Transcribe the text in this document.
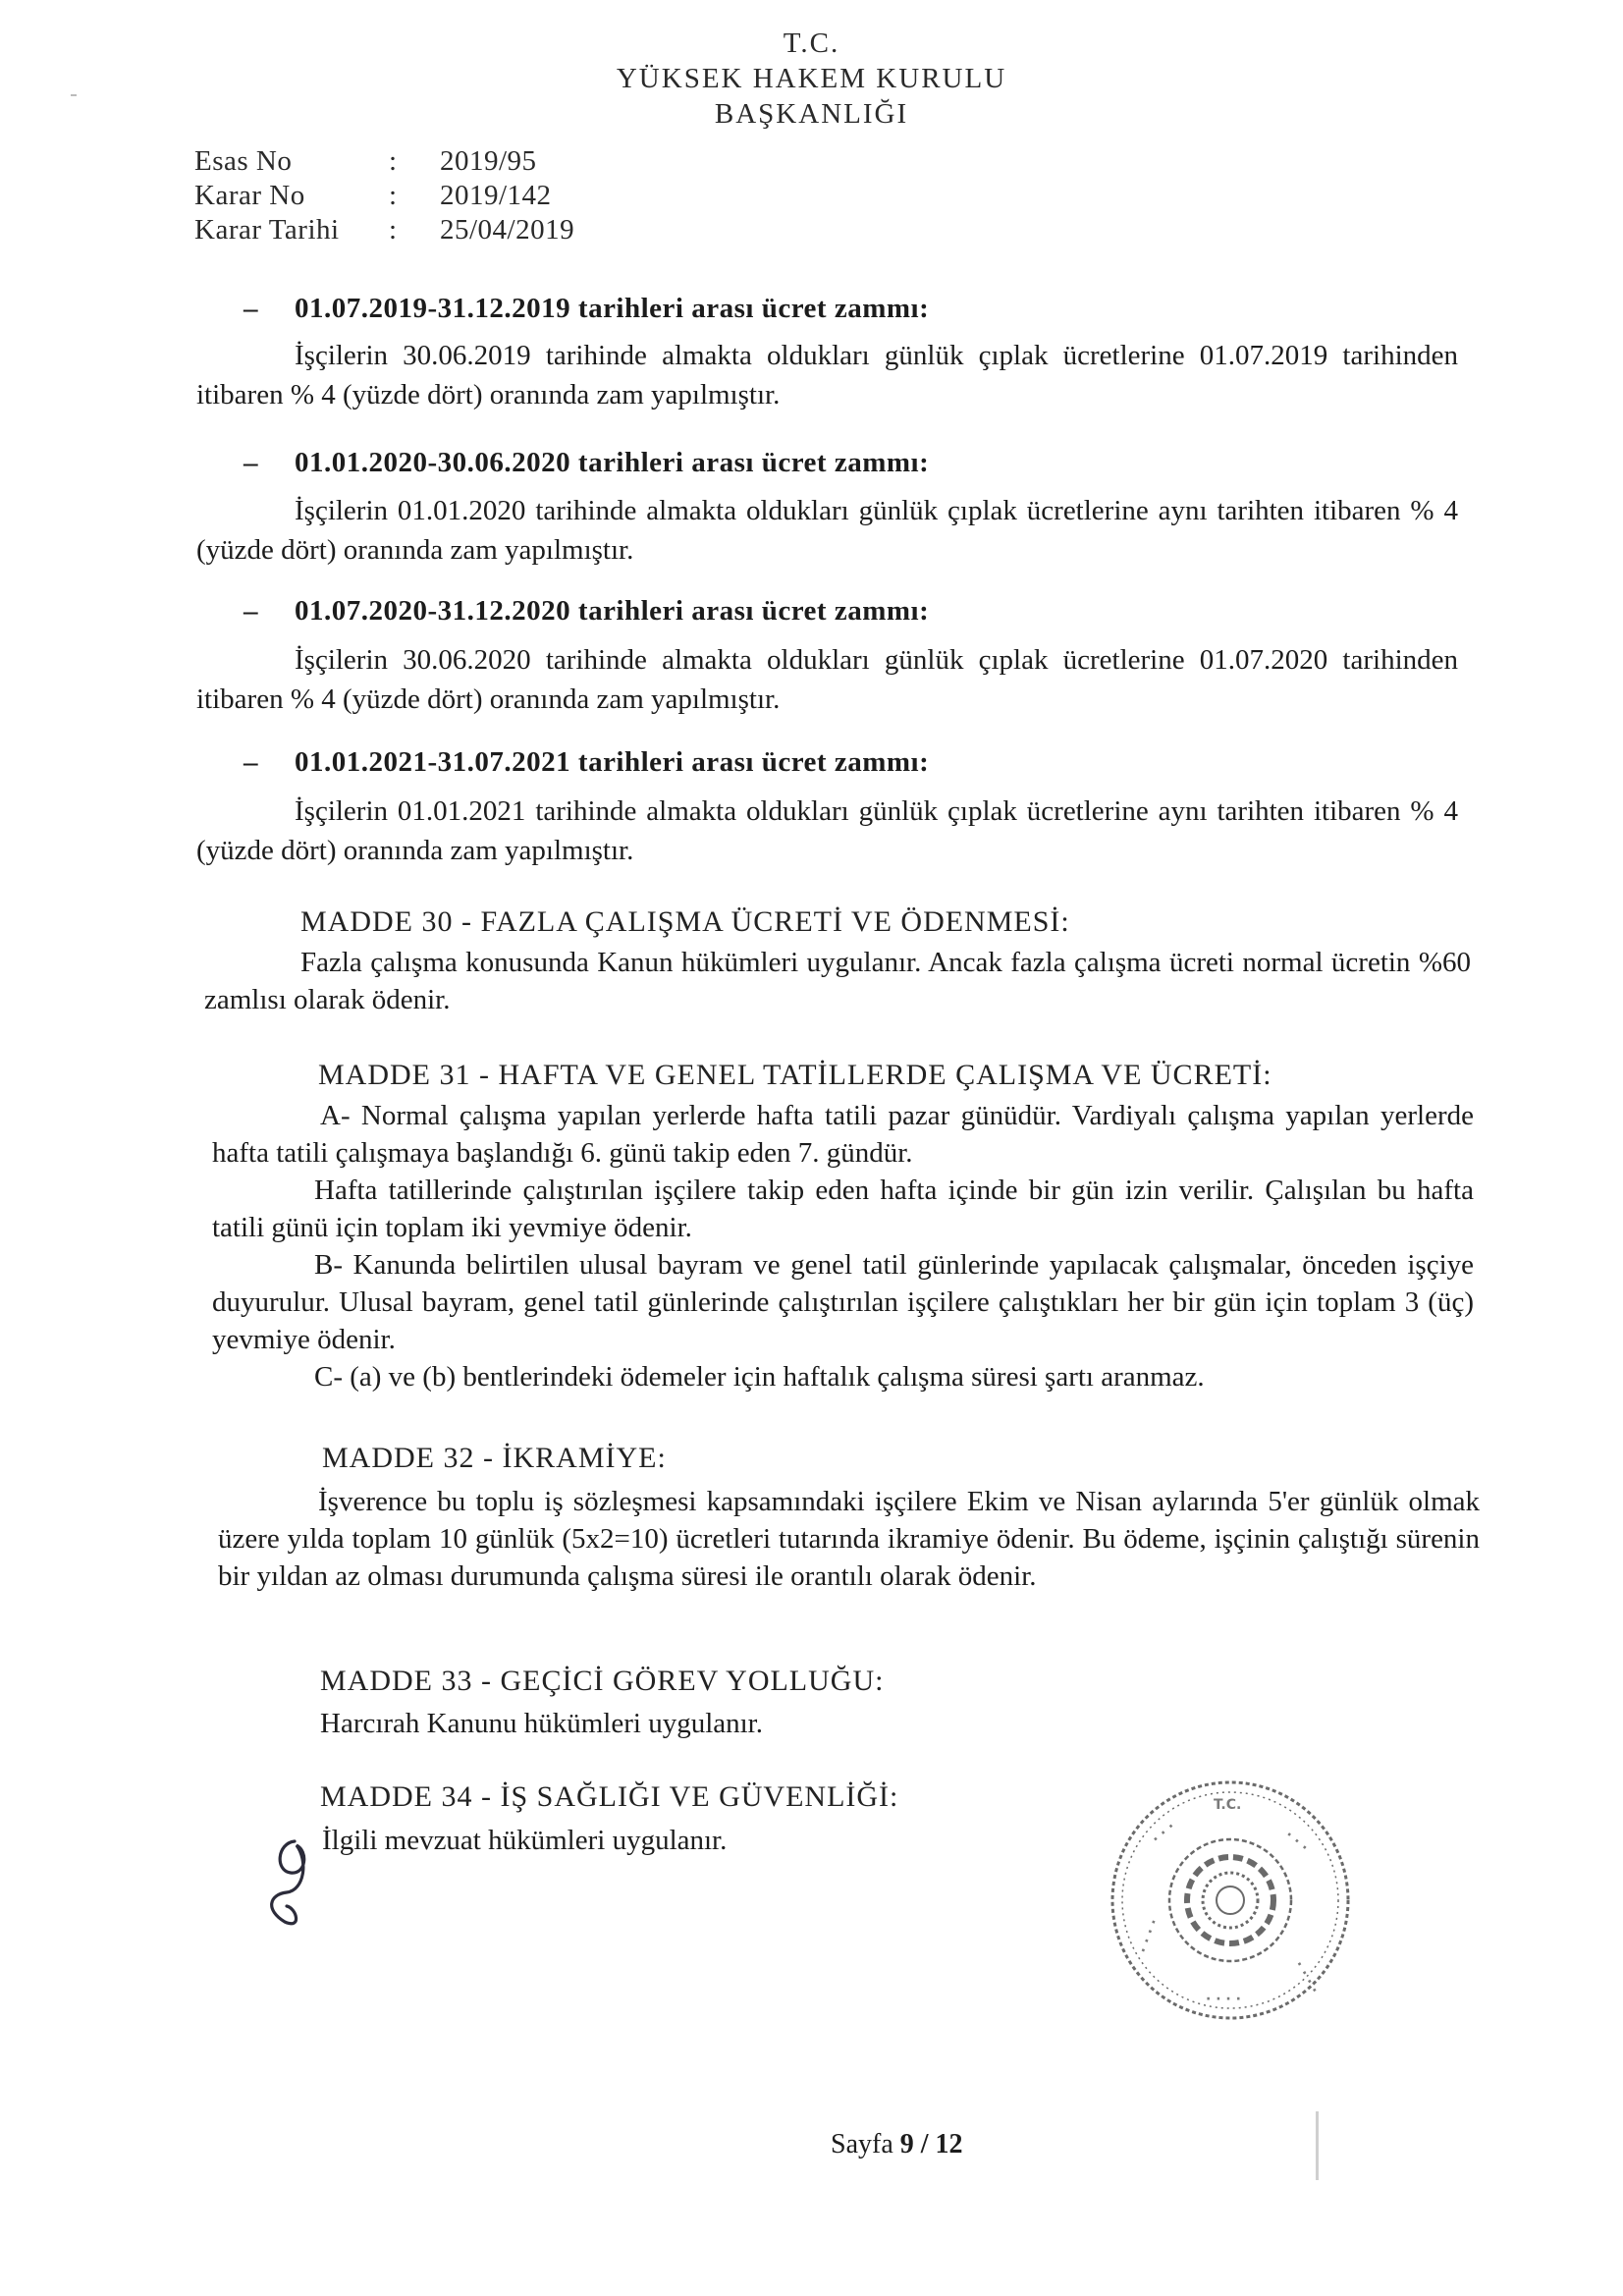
T.C.
YÜKSEK HAKEM KURULU
BAŞKANLIĞI
Esas No	: 2019/95
Karar No	: 2019/142
Karar Tarihi : 25/04/2019
– 01.07.2019-31.12.2019 tarihleri arası ücret zammı:
İşçilerin 30.06.2019 tarihinde almakta oldukları günlük çıplak ücretlerine 01.07.2019 tarihinden itibaren % 4 (yüzde dört) oranında zam yapılmıştır.
– 01.01.2020-30.06.2020 tarihleri arası ücret zammı:
İşçilerin 01.01.2020 tarihinde almakta oldukları günlük çıplak ücretlerine aynı tarihten itibaren % 4 (yüzde dört) oranında zam yapılmıştır.
– 01.07.2020-31.12.2020 tarihleri arası ücret zammı:
İşçilerin 30.06.2020 tarihinde almakta oldukları günlük çıplak ücretlerine 01.07.2020 tarihinden itibaren % 4 (yüzde dört) oranında zam yapılmıştır.
– 01.01.2021-31.07.2021 tarihleri arası ücret zammı:
İşçilerin 01.01.2021 tarihinde almakta oldukları günlük çıplak ücretlerine aynı tarihten itibaren % 4 (yüzde dört) oranında zam yapılmıştır.
MADDE 30 - FAZLA ÇALIŞMA ÜCRETİ VE ÖDENMESİ:
Fazla çalışma konusunda Kanun hükümleri uygulanır. Ancak fazla çalışma ücreti normal ücretin %60 zamlısı olarak ödenir.
MADDE 31 - HAFTA VE GENEL TATİLLERDE ÇALIŞMA VE ÜCRETİ:
A- Normal çalışma yapılan yerlerde hafta tatili pazar günüdür. Vardiyalı çalışma yapılan yerlerde hafta tatili çalışmaya başlandığı 6. günü takip eden 7. gündür.
Hafta tatillerinde çalıştırılan işçilere takip eden hafta içinde bir gün izin verilir. Çalışılan bu hafta tatili günü için toplam iki yevmiye ödenir.
B- Kanunda belirtilen ulusal bayram ve genel tatil günlerinde yapılacak çalışmalar, önceden işçiye duyurulur. Ulusal bayram, genel tatil günlerinde çalıştırılan işçilere çalıştıkları her bir gün için toplam 3 (üç) yevmiye ödenir.
C- (a) ve (b) bentlerindeki ödemeler için haftalık çalışma süresi şartı aranmaz.
MADDE 32 - İKRAMİYE:
İşverence bu toplu iş sözleşmesi kapsamındaki işçilere Ekim ve Nisan aylarında 5'er günlük olmak üzere yılda toplam 10 günlük (5x2=10) ücretleri tutarında ikramiye ödenir. Bu ödeme, işçinin çalıştığı sürenin bir yıldan az olması durumunda çalışma süresi ile orantılı olarak ödenir.
MADDE 33 - GEÇİCİ GÖREV YOLLUĞU:
Harcırah Kanunu hükümleri uygulanır.
MADDE 34 - İŞ SAĞLIĞI VE GÜVENLİĞİ:
İlgili mevzuat hükümleri uygulanır.
T.C.
· · ·	· · ·
· · · ·
· · · ·
· · · ·
Sayfa 9 / 12
